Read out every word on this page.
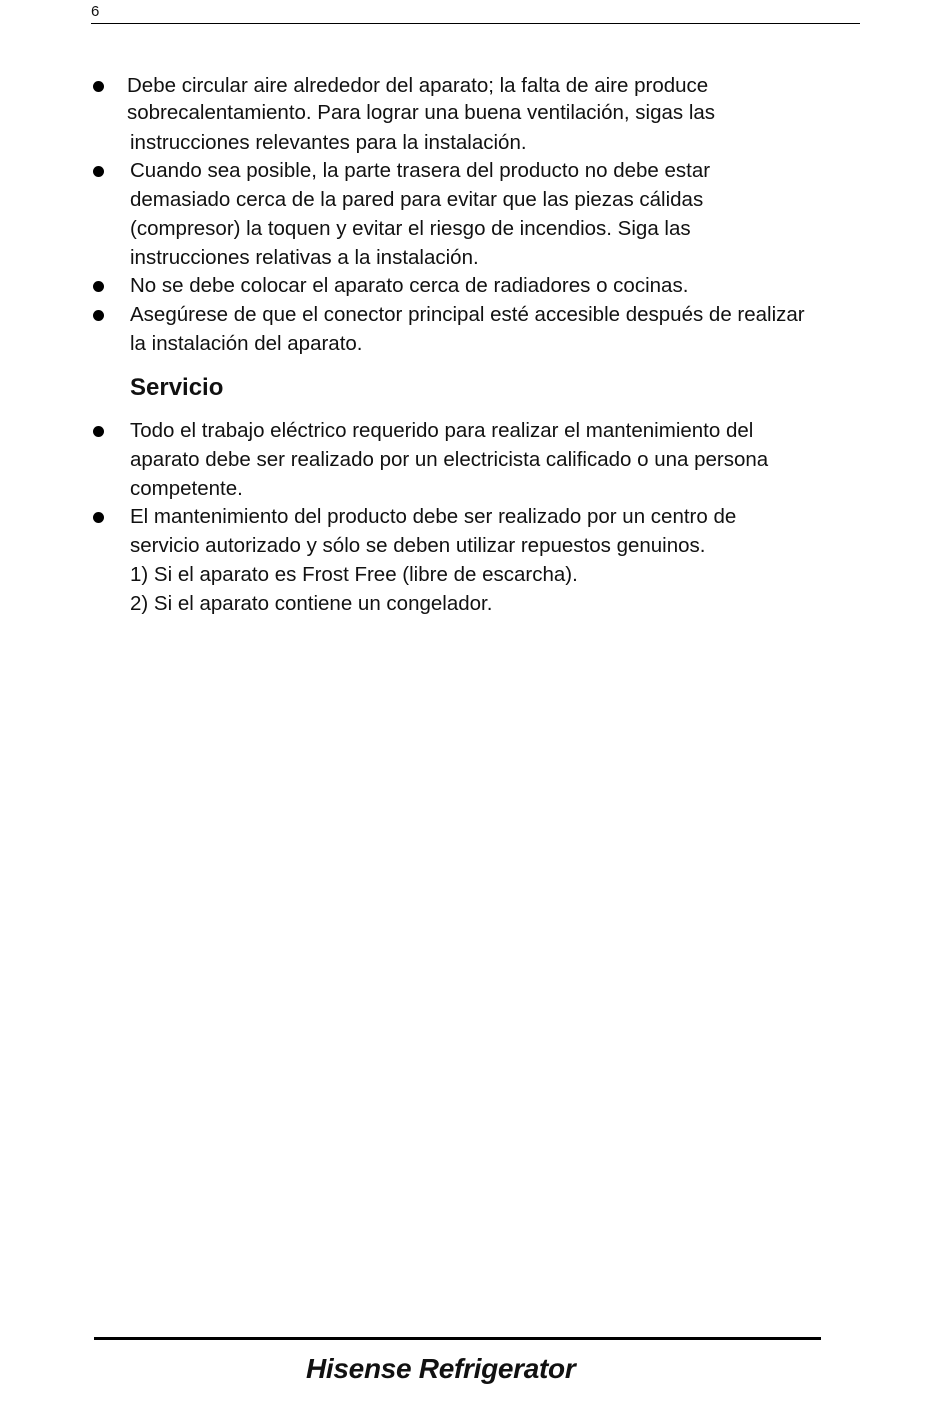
6
Debe circular aire alrededor del aparato; la falta de aire produce
sobrecalentamiento. Para lograr una buena ventilación, sigas las
instrucciones relevantes para la instalación.
Cuando sea posible, la parte trasera del producto no debe estar
demasiado cerca de la pared para evitar que las piezas cálidas
(compresor) la toquen y evitar el riesgo de incendios. Siga las
instrucciones relativas a la instalación.
No se debe colocar el aparato cerca de radiadores o cocinas.
Asegúrese de que el conector principal esté accesible después de realizar
la instalación del aparato.
Servicio
Todo el trabajo eléctrico requerido para realizar el mantenimiento del
aparato debe ser realizado por un electricista calificado o una persona
competente.
El mantenimiento del producto debe ser realizado por un centro de
servicio autorizado y sólo se deben utilizar repuestos genuinos.
1) Si el aparato es Frost Free (libre de escarcha).
2) Si el aparato contiene un congelador.
Hisense Refrigerator
